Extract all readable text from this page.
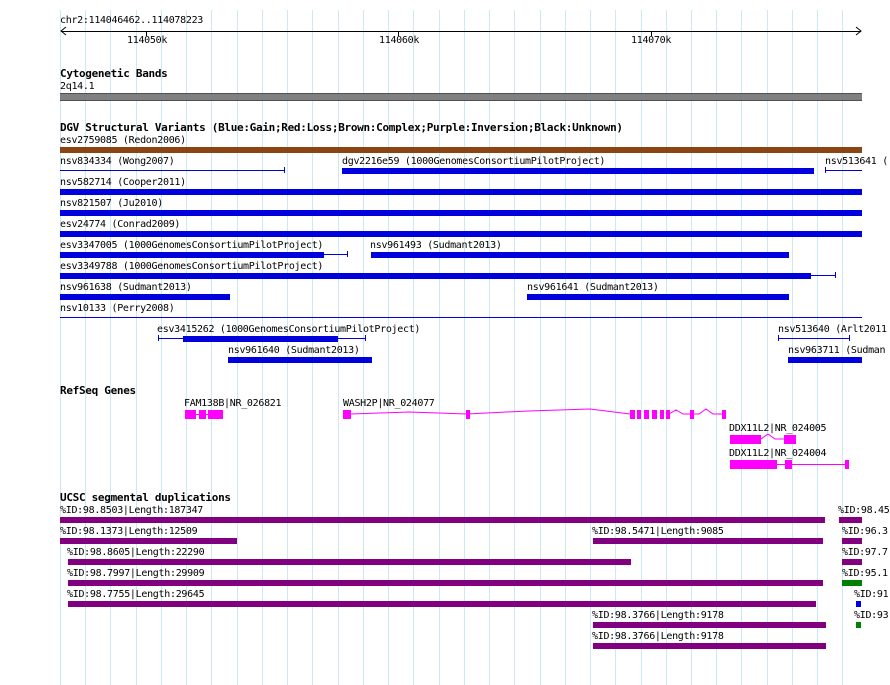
chr2:114046462..114078223
114050k	114060k	114070k
Cytogenetic Bands
2q14.1
DGV Structural Variants (Blue:Gain;Red:Loss;Brown:Complex;Purple:Inversion;Black:Unknown)
esv2759085 (Redon2006)
nsv834334 (Wong2007)	dgv2216e59 (1000GenomesConsortiumPilotProject)	nsv513641 (
nsv582714 (Cooper2011)
nsv821507 (Ju2010)
esv24774 (Conrad2009)
esv3347005 (1000GenomesConsortiumPilotProject)	nsv961493 (Sudmant2013)
esv3349788 (1000GenomesConsortiumPilotProject)
nsv961638 (Sudmant2013)	nsv961641 (Sudmant2013)
nsv10133 (Perry2008)
esv3415262 (1000GenomesConsortiumPilotProject)	nsv513640 (Arlt2011
nsv961640 (Sudmant2013)	nsv963711 (Sudman
RefSeq Genes
FAM138B|NR_026821	WASH2P|NR_024077
DDX11L2|NR_024005
DDX11L2|NR_024004
UCSC segmental duplications
%ID:98.8503|Length:187347	%ID:98.45
%ID:98.1373|Length:12509	%ID:98.5471|Length:9085	%ID:96.3
%ID:98.8605|Length:22290	%ID:97.7
%ID:98.7997|Length:29909	%ID:95.1
%ID:98.7755|Length:29645	%ID:91
%ID:98.3766|Length:9178	%ID:93
%ID:98.3766|Length:9178
